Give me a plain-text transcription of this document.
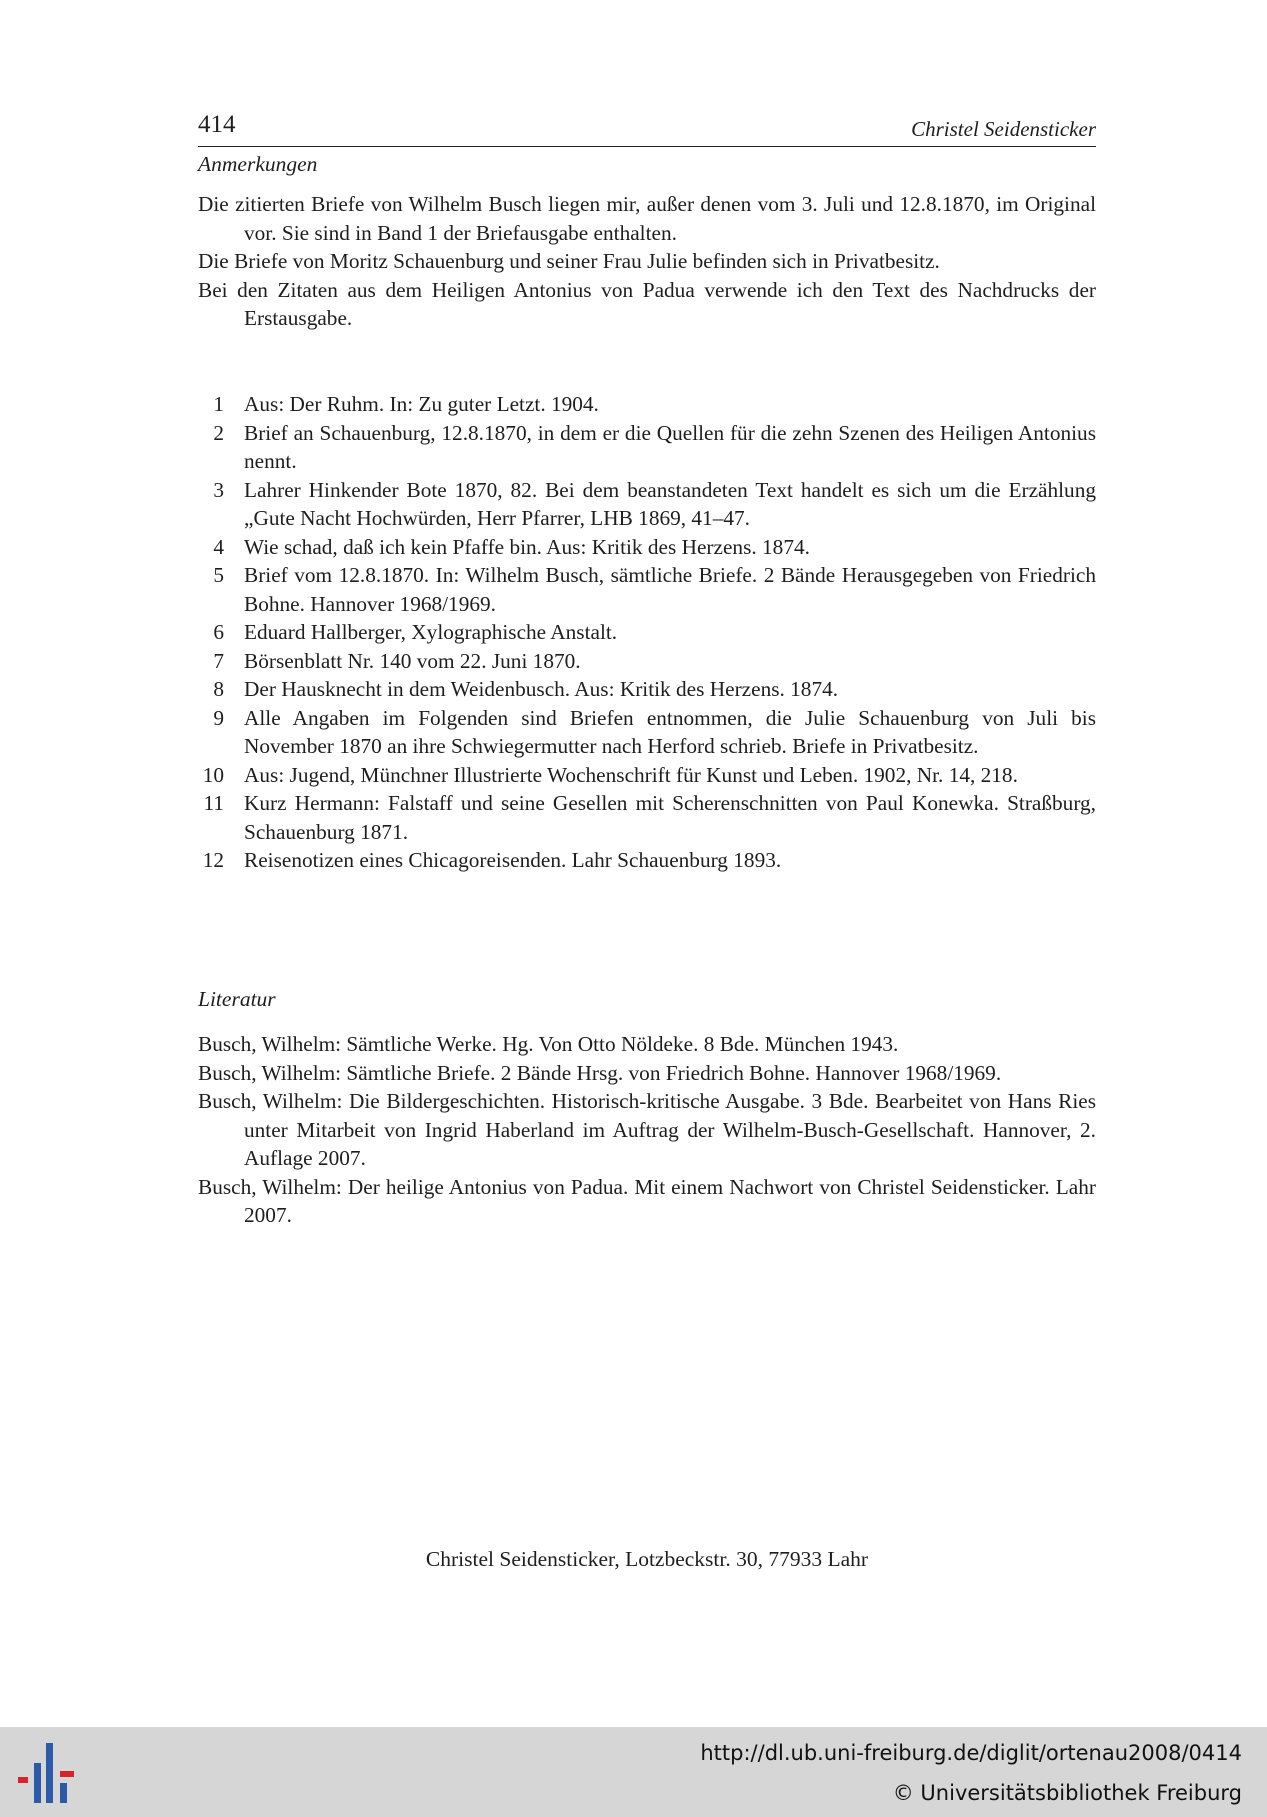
414	Christel Seidensticker
Anmerkungen

Die zitierten Briefe von Wilhelm Busch liegen mir, außer denen vom 3. Juli und 12.8.1870, im Original vor. Sie sind in Band 1 der Briefausgabe enthalten.

Die Briefe von Moritz Schauenburg und seiner Frau Julie befinden sich in Privatbesitz.

Bei den Zitaten aus dem Heiligen Antonius von Padua verwende ich den Text des Nachdrucks der Erstausgabe.

1 Aus: Der Ruhm. In: Zu guter Letzt. 1904.
2 Brief an Schauenburg, 12.8.1870, in dem er die Quellen für die zehn Szenen des Heiligen Antonius nennt.
3 Lahrer Hinkender Bote 1870, 82. Bei dem beanstandeten Text handelt es sich um die Erzählung „Gute Nacht Hochwürden, Herr Pfarrer, LHB 1869, 41–47.
4 Wie schad, daß ich kein Pfaffe bin. Aus: Kritik des Herzens. 1874.
5 Brief vom 12.8.1870. In: Wilhelm Busch, sämtliche Briefe. 2 Bände Herausgegeben von Friedrich Bohne. Hannover 1968/1969.
6 Eduard Hallberger, Xylographische Anstalt.
7 Börsenblatt Nr. 140 vom 22. Juni 1870.
8 Der Hausknecht in dem Weidenbusch. Aus: Kritik des Herzens. 1874.
9 Alle Angaben im Folgenden sind Briefen entnommen, die Julie Schauenburg von Juli bis November 1870 an ihre Schwiegermutter nach Herford schrieb. Briefe in Privatbesitz.
10 Aus: Jugend, Münchner Illustrierte Wochenschrift für Kunst und Leben. 1902, Nr. 14, 218.
11 Kurz Hermann: Falstaff und seine Gesellen mit Scherenschnitten von Paul Konewka. Straßburg, Schauenburg 1871.
12 Reisenotizen eines Chicagoreisenden. Lahr Schauenburg 1893.
Literatur

Busch, Wilhelm: Sämtliche Werke. Hg. Von Otto Nöldeke. 8 Bde. München 1943.

Busch, Wilhelm: Sämtliche Briefe. 2 Bände Hrsg. von Friedrich Bohne. Hannover 1968/1969.

Busch, Wilhelm: Die Bildergeschichten. Historisch-kritische Ausgabe. 3 Bde. Bearbeitet von Hans Ries unter Mitarbeit von Ingrid Haberland im Auftrag der Wilhelm-Busch-Gesellschaft. Hannover, 2. Auflage 2007.

Busch, Wilhelm: Der heilige Antonius von Padua. Mit einem Nachwort von Christel Seidensticker. Lahr 2007.

Christel Seidensticker, Lotzbeckstr. 30, 77933 Lahr
http://dl.ub.uni-freiburg.de/diglit/ortenau2008/0414
© Universitätsbibliothek Freiburg
